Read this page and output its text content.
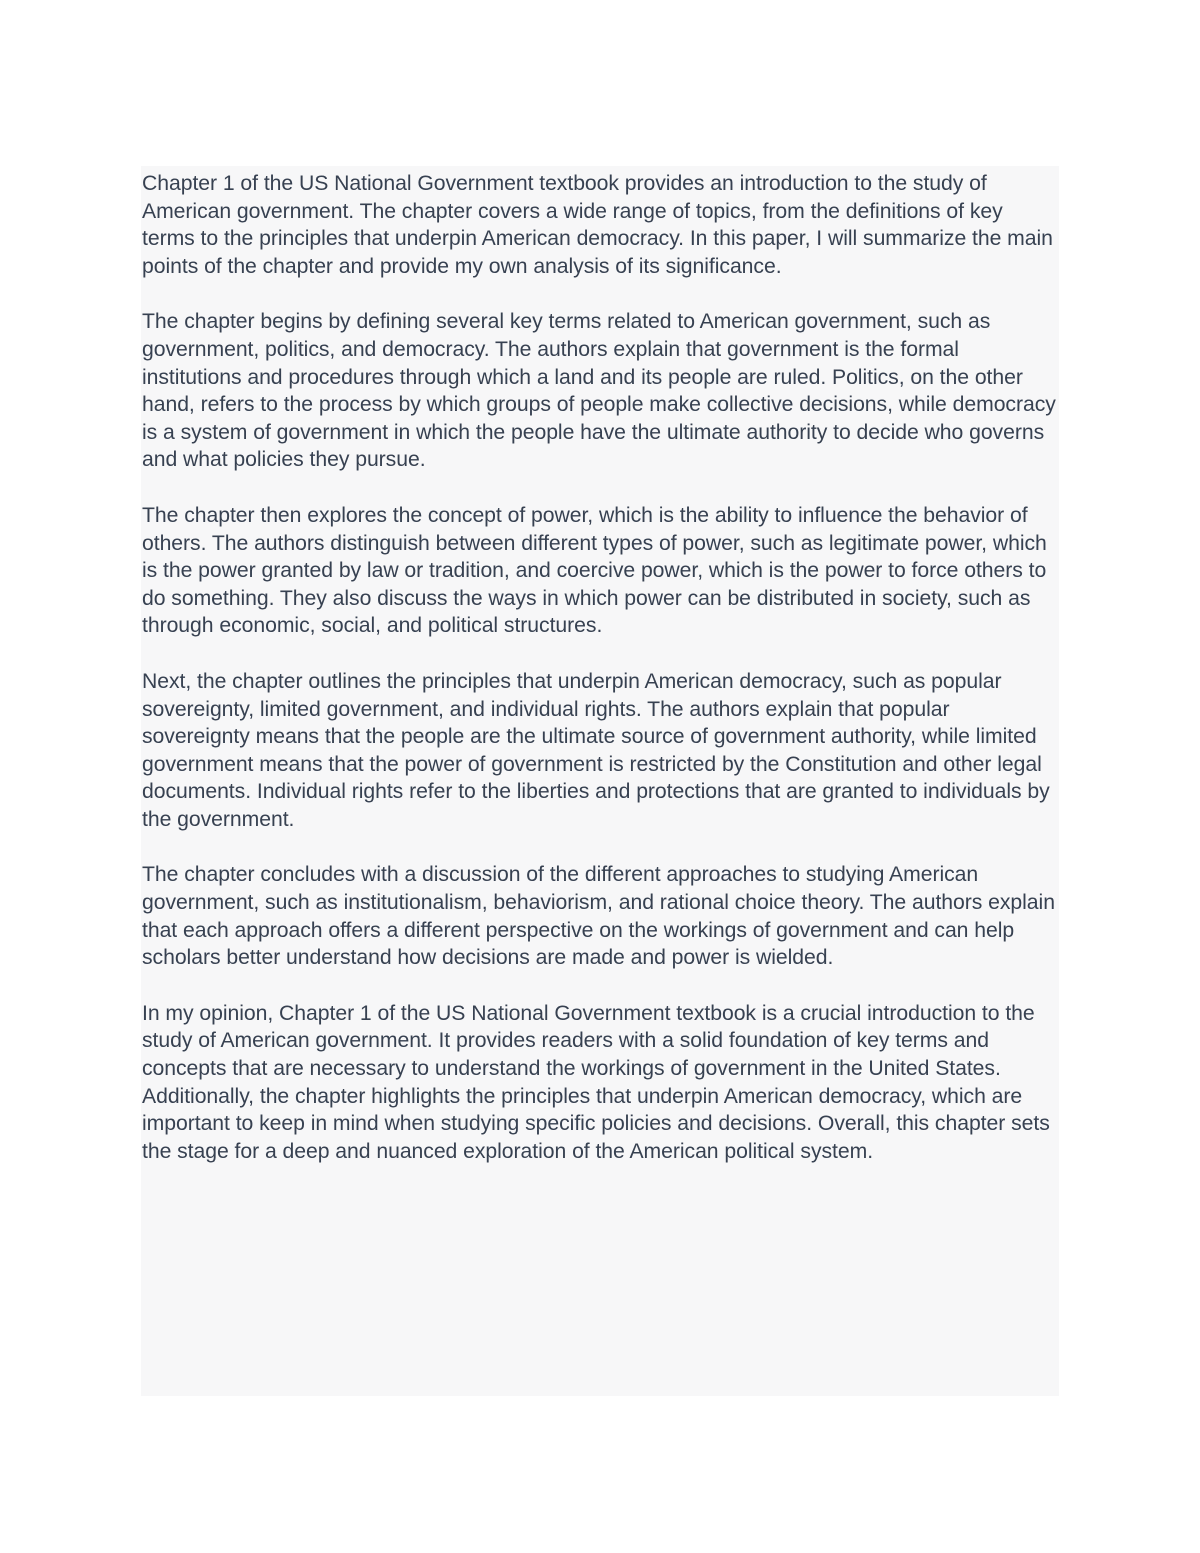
Chapter 1 of the US National Government textbook provides an introduction to the study of American government. The chapter covers a wide range of topics, from the definitions of key terms to the principles that underpin American democracy. In this paper, I will summarize the main points of the chapter and provide my own analysis of its significance.

The chapter begins by defining several key terms related to American government, such as government, politics, and democracy. The authors explain that government is the formal institutions and procedures through which a land and its people are ruled. Politics, on the other hand, refers to the process by which groups of people make collective decisions, while democracy is a system of government in which the people have the ultimate authority to decide who governs and what policies they pursue.

The chapter then explores the concept of power, which is the ability to influence the behavior of others. The authors distinguish between different types of power, such as legitimate power, which is the power granted by law or tradition, and coercive power, which is the power to force others to do something. They also discuss the ways in which power can be distributed in society, such as through economic, social, and political structures.

Next, the chapter outlines the principles that underpin American democracy, such as popular sovereignty, limited government, and individual rights. The authors explain that popular sovereignty means that the people are the ultimate source of government authority, while limited government means that the power of government is restricted by the Constitution and other legal documents. Individual rights refer to the liberties and protections that are granted to individuals by the government.

The chapter concludes with a discussion of the different approaches to studying American government, such as institutionalism, behaviorism, and rational choice theory. The authors explain that each approach offers a different perspective on the workings of government and can help scholars better understand how decisions are made and power is wielded.

In my opinion, Chapter 1 of the US National Government textbook is a crucial introduction to the study of American government. It provides readers with a solid foundation of key terms and concepts that are necessary to understand the workings of government in the United States. Additionally, the chapter highlights the principles that underpin American democracy, which are important to keep in mind when studying specific policies and decisions. Overall, this chapter sets the stage for a deep and nuanced exploration of the American political system.
